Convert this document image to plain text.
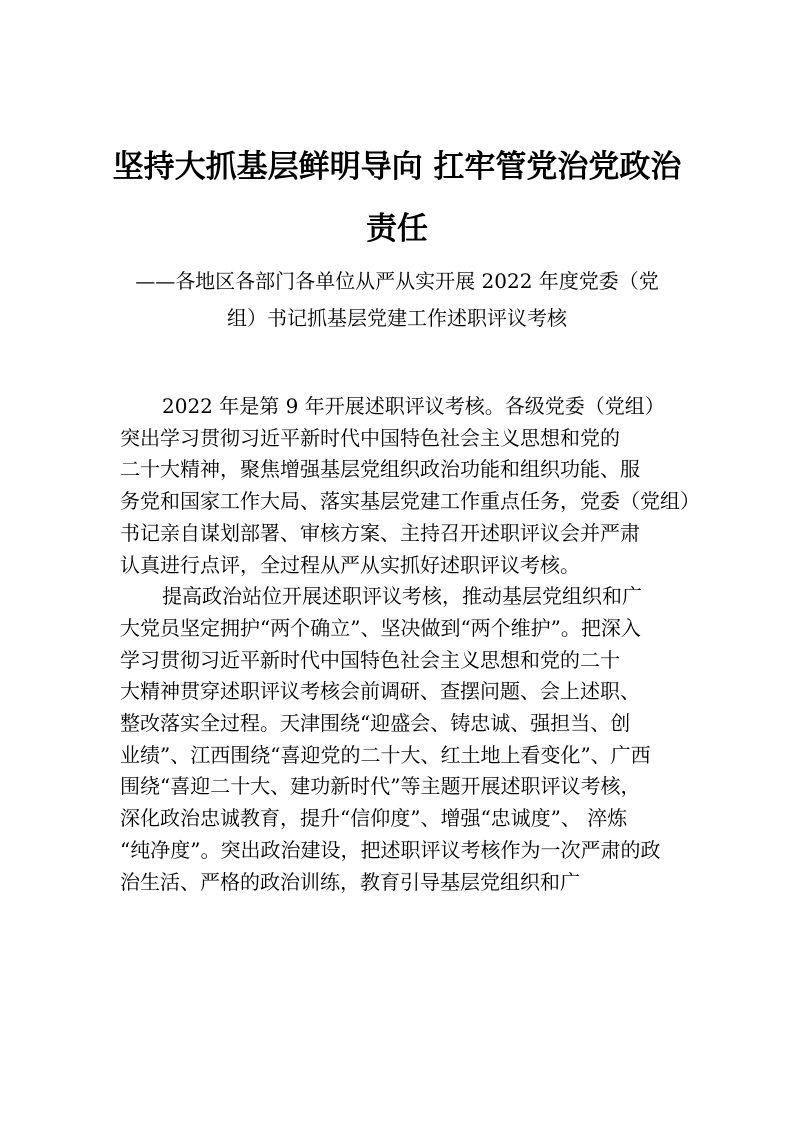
坚持大抓基层鲜明导向 扛牢管党治党政治
责任
——各地区各部门各单位从严从实开展 2022 年度党委（党
组）书记抓基层党建工作述职评议考核

2022 年是第 9 年开展述职评议考核。各级党委（党组）
突出学习贯彻习近平新时代中国特色社会主义思想和党的
二十大精神，聚焦增强基层党组织政治功能和组织功能、服
务党和国家工作大局、落实基层党建工作重点任务，党委（党组）
书记亲自谋划部署、审核方案、主持召开述职评议会并严肃
认真进行点评，全过程从严从实抓好述职评议考核。

提高政治站位开展述职评议考核，推动基层党组织和广
大党员坚定拥护“两个确立”、坚决做到“两个维护”。把深入
学习贯彻习近平新时代中国特色社会主义思想和党的二十
大精神贯穿述职评议考核会前调研、查摆问题、会上述职、
整改落实全过程。天津围绕“迎盛会、铸忠诚、强担当、创
业绩”、江西围绕“喜迎党的二十大、红土地上看变化”、广西
围绕“喜迎二十大、建功新时代”等主题开展述职评议考核，
深化政治忠诚教育，提升“信仰度”、增强“忠诚度”、 淬炼
“纯净度”。突出政治建设，把述职评议考核作为一次严肃的政
治生活、严格的政治训练，教育引导基层党组织和广
